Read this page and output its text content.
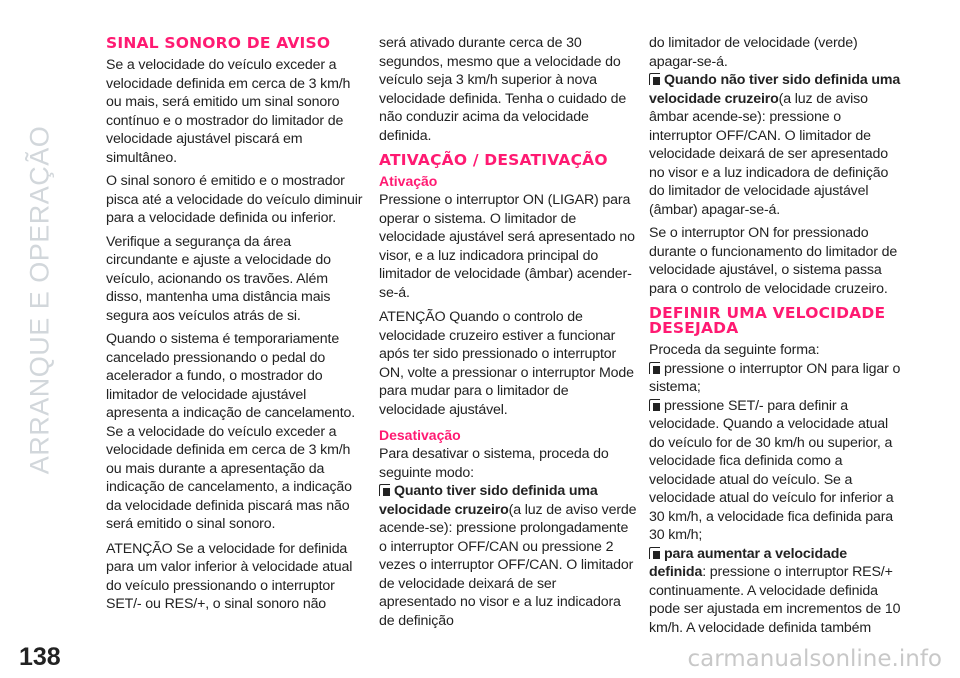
ARRANQUE E OPERAÇÃO
138	carmanualsonline.info
SINAL SONORO DE AVISO

Se a velocidade do veículo exceder a velocidade definida em cerca de 3 km/h ou mais, será emitido um sinal sonoro contínuo e o mostrador do limitador de velocidade ajustável piscará em simultâneo.

O sinal sonoro é emitido e o mostrador pisca até a velocidade do veículo diminuir para a velocidade definida ou inferior.

Verifique a segurança da área circundante e ajuste a velocidade do veículo, acionando os travões. Além disso, mantenha uma distância mais segura aos veículos atrás de si.

Quando o sistema é temporariamente cancelado pressionando o pedal do acelerador a fundo, o mostrador do limitador de velocidade ajustável apresenta a indicação de cancelamento. Se a velocidade do veículo exceder a velocidade definida em cerca de 3 km/h ou mais durante a apresentação da indicação de cancelamento, a indicação da velocidade definida piscará mas não será emitido o sinal sonoro.

ATENÇÃO Se a velocidade for definida para um valor inferior à velocidade atual do veículo pressionando o interruptor SET/- ou RES/+, o sinal sonoro não

será ativado durante cerca de 30 segundos, mesmo que a velocidade do veículo seja 3 km/h superior à nova velocidade definida. Tenha o cuidado de não conduzir acima da velocidade definida.

ATIVAÇÃO / DESATIVAÇÃO
Ativação

Pressione o interruptor ON (LIGAR) para operar o sistema. O limitador de velocidade ajustável será apresentado no visor, e a luz indicadora principal do limitador de velocidade (âmbar) acender-se-á.

ATENÇÃO Quando o controlo de velocidade cruzeiro estiver a funcionar após ter sido pressionado o interruptor ON, volte a pressionar o interruptor Mode para mudar para o limitador de velocidade ajustável.

Desativação

Para desativar o sistema, proceda do seguinte modo:

Quanto tiver sido definida uma velocidade cruzeiro(a luz de aviso verde acende-se): pressione prolongadamente o interruptor OFF/CAN ou pressione 2 vezes o interruptor OFF/CAN. O limitador de velocidade deixará de ser apresentado no visor e a luz indicadora de definição

do limitador de velocidade (verde) apagar-se-á.

Quando não tiver sido definida uma velocidade cruzeiro(a luz de aviso âmbar acende-se): pressione o interruptor OFF/CAN. O limitador de velocidade deixará de ser apresentado no visor e a luz indicadora de definição do limitador de velocidade ajustável (âmbar) apagar-se-á.

Se o interruptor ON for pressionado durante o funcionamento do limitador de velocidade ajustável, o sistema passa para o controlo de velocidade cruzeiro.

DEFINIR UMA VELOCIDADE DESEJADA

Proceda da seguinte forma:

pressione o interruptor ON para ligar o sistema;

pressione SET/- para definir a velocidade. Quando a velocidade atual do veículo for de 30 km/h ou superior, a velocidade fica definida como a velocidade atual do veículo. Se a velocidade atual do veículo for inferior a 30 km/h, a velocidade fica definida para 30 km/h;

para aumentar a velocidade definida: pressione o interruptor RES/+ continuamente. A velocidade definida pode ser ajustada em incrementos de 10 km/h. A velocidade definida também
